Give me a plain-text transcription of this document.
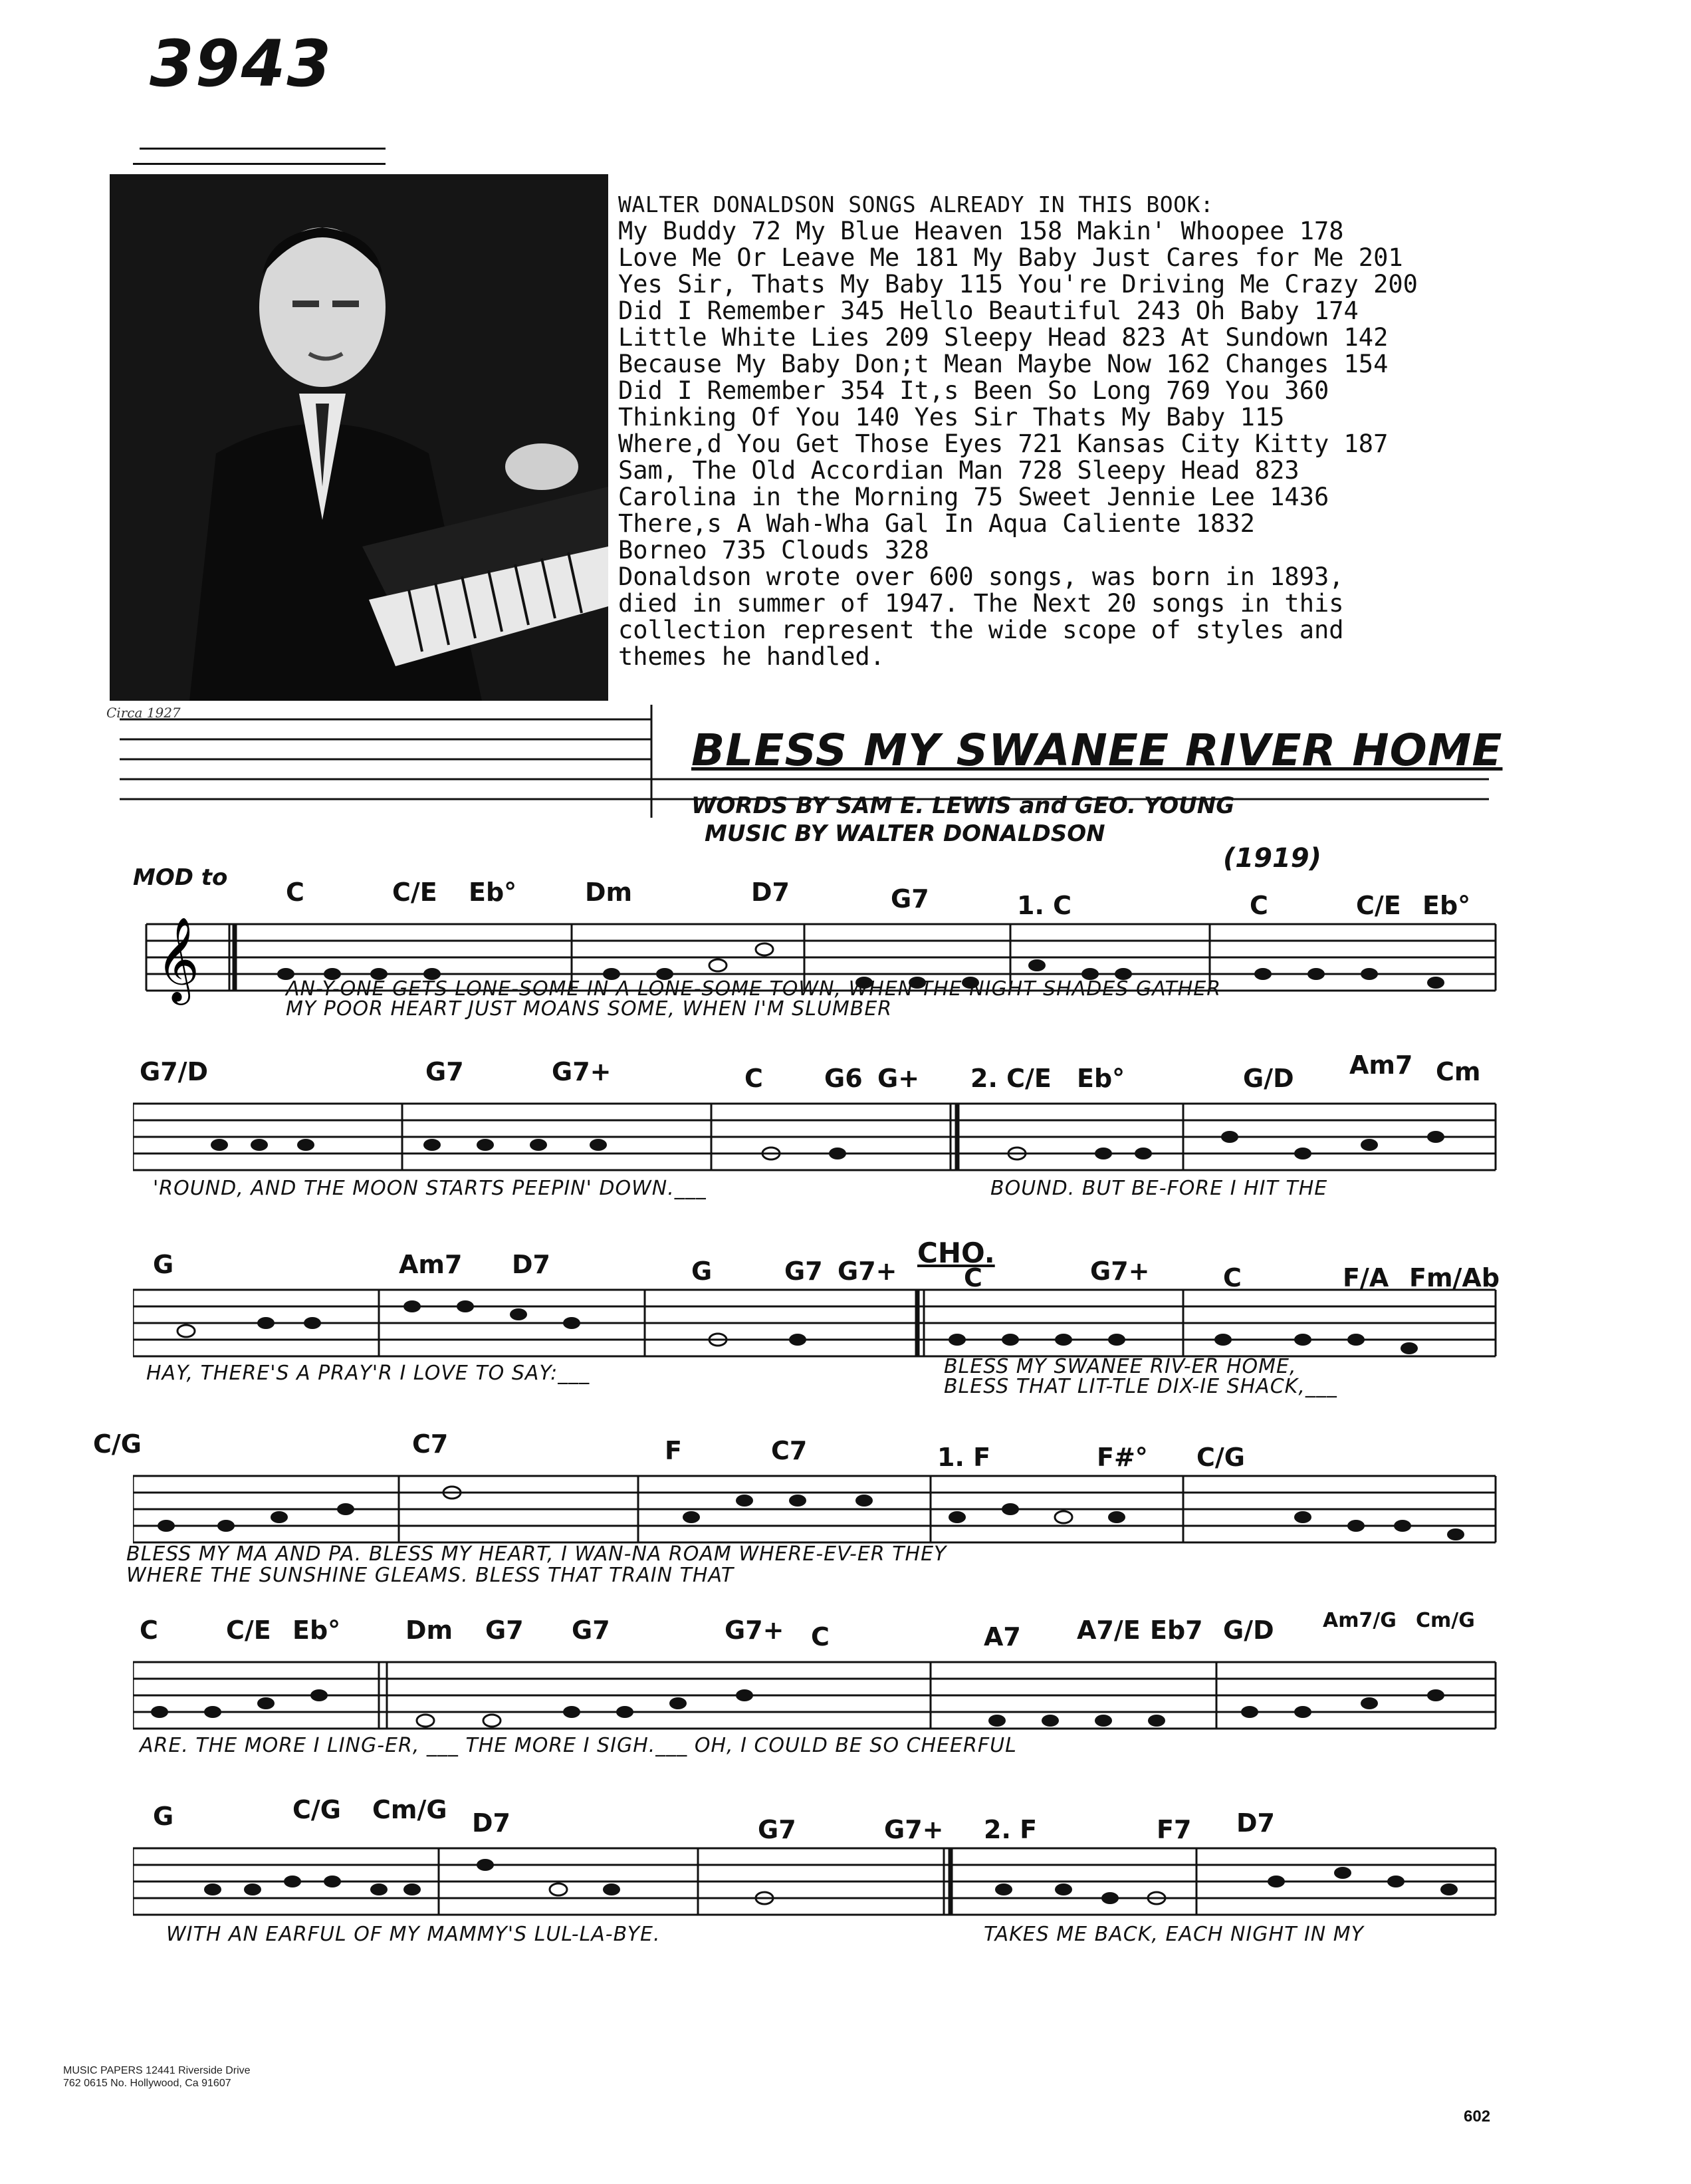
3943
Circa 1927
WALTER DONALDSON SONGS ALREADY IN THIS BOOK:
My Buddy 72 My Blue Heaven 158 Makin' Whoopee 178
Love Me Or Leave Me 181 My Baby Just Cares for Me 201
Yes Sir, Thats My Baby 115 You're Driving Me Crazy 200
Did I Remember 345 Hello Beautiful 243 Oh Baby 174
Little White Lies 209 Sleepy Head 823 At Sundown 142
Because My Baby Don;t Mean Maybe Now 162 Changes 154
Did I Remember 354 It,s Been So Long 769 You 360
Thinking Of You 140 Yes Sir Thats My Baby 115
Where,d You Get Those Eyes 721 Kansas City Kitty 187
Sam, The Old Accordian Man 728 Sleepy Head 823
Carolina in the Morning 75 Sweet Jennie Lee 1436
There,s A Wah-Wha Gal In Aqua Caliente 1832
Borneo 735 Clouds 328
Donaldson wrote over 600 songs, was born in 1893,
died in summer of 1947. The Next 20 songs in this
collection represent the wide scope of styles and
themes he handled.
BLESS MY SWANEE RIVER HOME
WORDS BY SAM E. LEWIS and GEO. YOUNG
MUSIC BY WALTER DONALDSON
(1919)
MOD to
𝄞
C	C/E Eb°	Dm	D7	G7	1. C	C	C/E Eb°
AN-Y-ONE GETS LONE-SOME IN A LONE-SOME TOWN, WHEN THE NIGHT SHADES GATHER
MY POOR HEART JUST MOANS SOME, WHEN I'M SLUMBER
G7/D	G7	G7+	C G6 G+ 2. C/E Eb°	G/D Am7 Cm
'ROUND, AND THE MOON STARTS PEEPIN' DOWN.___	BOUND. BUT BE-FORE I HIT THE
CHO.
G	Am7 D7	G	G7 G7+	C	G7+	C	F/A Fm/Ab
HAY, THERE'S A PRAY'R I LOVE TO SAY:___	BLESS MY SWANEE RIV-ER HOME,
BLESS THAT LIT-TLE DIX-IE SHACK,___
C/G	C7	F	C7	1. F	F#° C/G
BLESS MY MA AND PA. BLESS MY HEART, I WAN-NA ROAM WHERE-EV-ER THEY
WHERE THE SUNSHINE GLEAMS. BLESS THAT TRAIN THAT
C	C/E Eb°	Dm G7 G7	G7+ C	A7 A7/E Eb7 G/D Am7/G Cm/G
ARE. THE MORE I LING-ER, ___ THE MORE I SIGH.___ OH, I COULD BE SO CHEERFUL
G	C/G Cm/G D7	G7	G7+ 2. F	F7 D7
WITH AN EARFUL OF MY MAMMY'S LUL-LA-BYE.	TAKES ME BACK, EACH NIGHT IN MY
MUSIC PAPERS 12441 Riverside Drive
762 0615 No. Hollywood, Ca 91607
602
